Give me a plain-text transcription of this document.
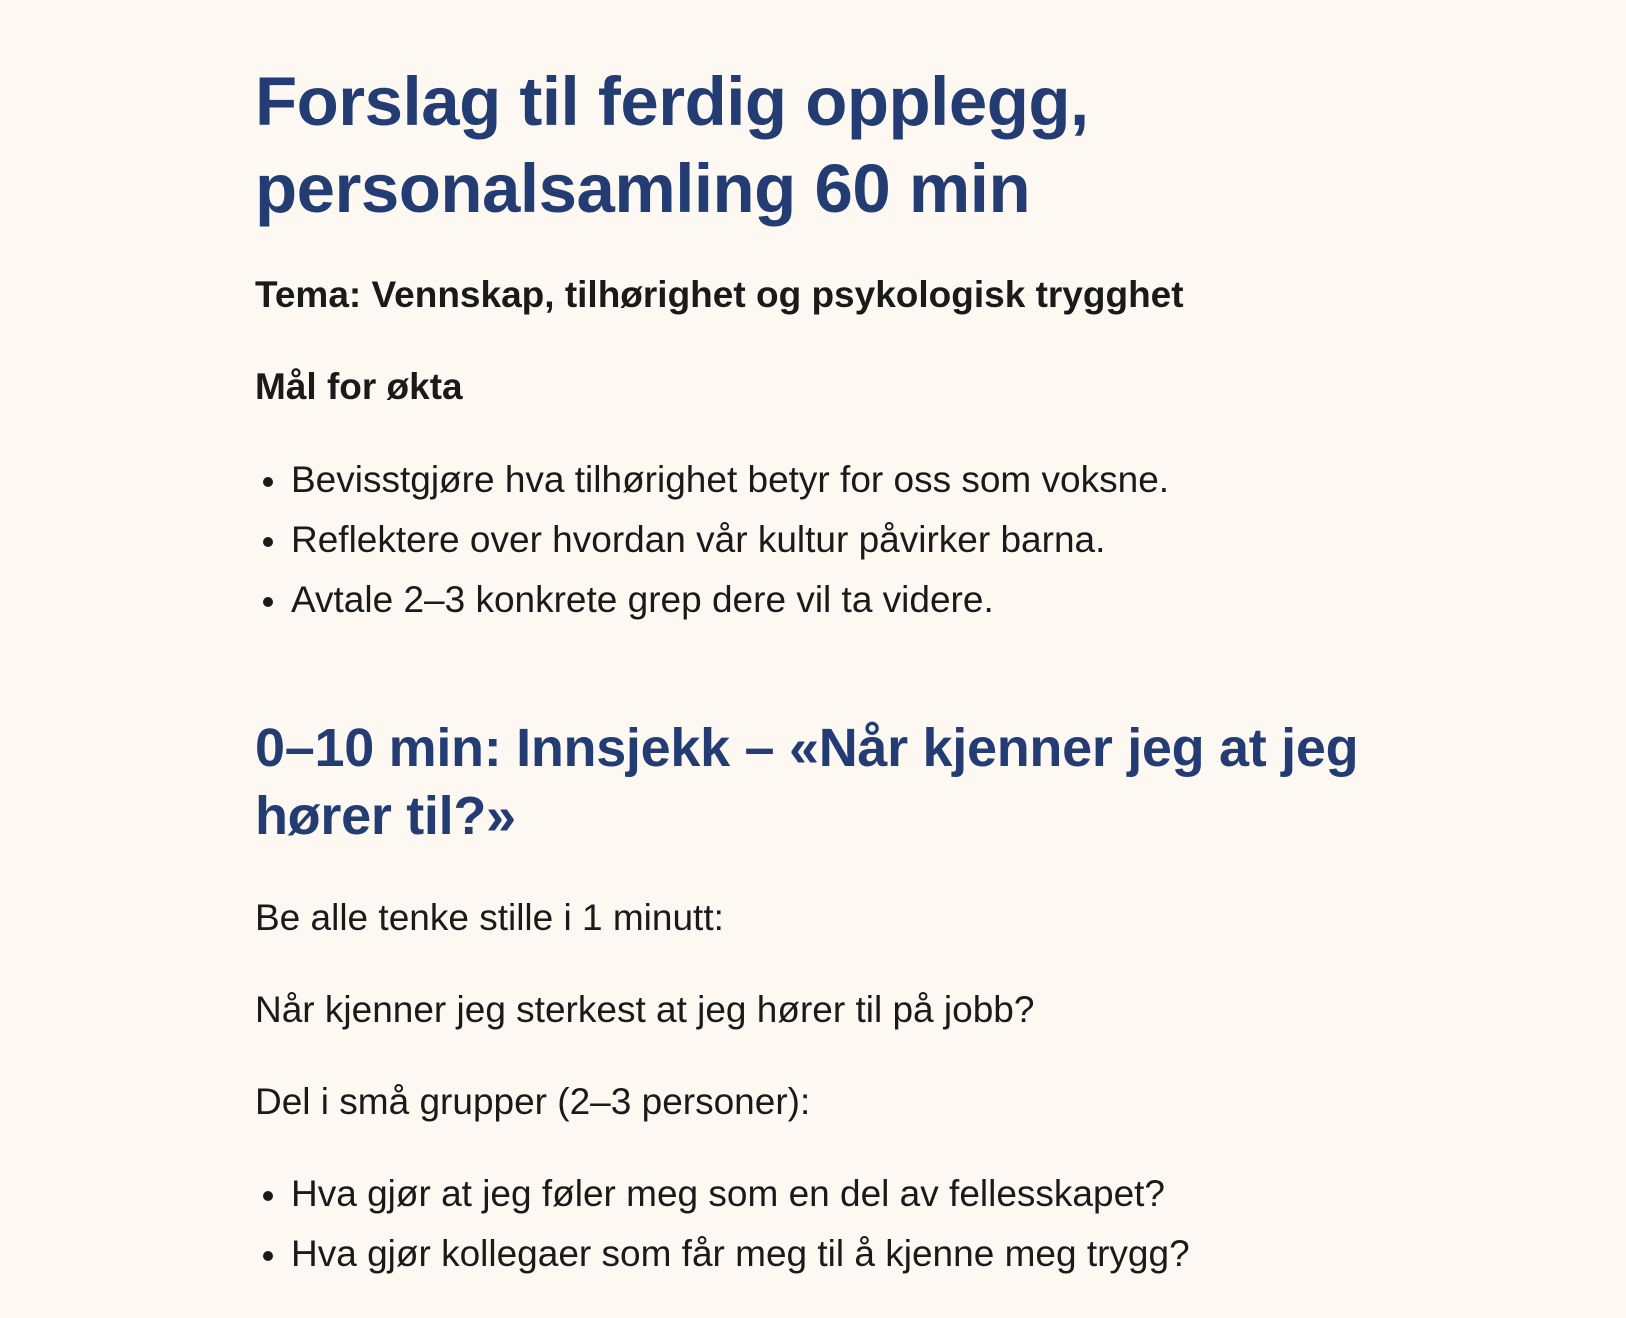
Forslag til ferdig opplegg, personalsamling 60 min

Tema: Vennskap, tilhørighet og psykologisk trygghet

Mål for økta
Bevisstgjøre hva tilhørighet betyr for oss som voksne.
Reflektere over hvordan vår kultur påvirker barna.
Avtale 2–3 konkrete grep dere vil ta videre.
0–10 min: Innsjekk – «Når kjenner jeg at jeg hører til?»

Be alle tenke stille i 1 minutt:

Når kjenner jeg sterkest at jeg hører til på jobb?

Del i små grupper (2–3 personer):

Hva gjør at jeg føler meg som en del av fellesskapet?
Hva gjør kollegaer som får meg til å kjenne meg trygg?
